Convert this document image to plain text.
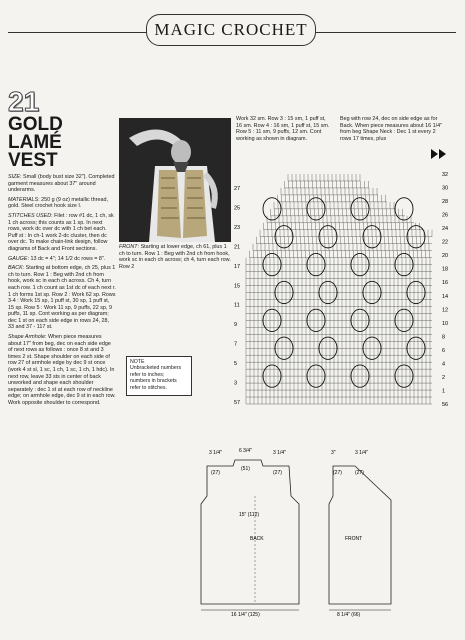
MAGIC CROCHET
21
GOLD
LAMÉ
VEST

SIZE: Small (body bust size 32"). Completed garment measures about 37" around underarms.

MATERIALS: 250 g (9 oz) metallic thread, gold. Steel crochet hook size I.

STITCHES USED: Filet : row #1 dc, 1 ch, sk 1 ch across; this counts as 1 sp. In next rows, work dc over dc with 1 ch bet each. Puff st : In ch-1 work 2-dc cluster, then dc over dc. To make chain-link design, follow diagrams of Back and Front sections.

GAUGE: 13 dc = 4"; 14 1/2 dc rows = 8".

BACK: Starting at bottom edge, ch 25, plus 1 ch to turn. Row 1 : Beg with 2nd ch from hook, work sc in each ch across. Ch 4, turn each row. 1 ch count as 1st dc of each next r. 1 ch forms 1st sp. Row 2 : Work 62 sp. Rows 3-4 : Work 15 sp, 1 puff st, 30 sp, 1 puff st, 15 sp. Row 5 : Work 11 sp, 9 puffs, 22 sp, 9 puffs, 11 sp. Cont working as per diagram; dec 1 st on each side edge in rows 24, 28, 33 and 37 - 117 st.

Shape Armhole: When piece measures about 17" from beg, dec on each side edge of next rows as follows : once 8 st and 3 times 2 st. Shape shoulder on each side of row 27 of armhole edge by dec 9 st once (work 4 st sl, 1 sc, 1 ch, 1 sc, 1 ch, 1 hdc). In next row, leave 33 sts in center of back unworked and shape each shoulder separately : dec 1 st at each row of neckline edge; on armhole edge, dec 9 st in each row. Work opposite shoulder to correspond.

FRONT: Starting at lower edge, ch 61, plus 1 ch to turn. Row 1 : Beg with 2nd ch from hook, work sc in each ch across; ch 4, turn each row. Row 2

Work 32 sm. Row 3 : 15 sm, 1 puff st, 16 sm. Row 4 : 16 sm, 1 puff st, 15 sm. Row 5 : 11 sm, 9 puffs, 12 sm. Cont working as shown in diagram.

Beg with row 24, dec on side edge as for Back. When piece measures about 16 1/4" from beg Shape Neck : Dec 1 st every 2 rows 17 times, plus

NOTE
Unbracketed numbers
refer to inches;
numbers in brackets
refer to stitches.
32
30
28
26
24
22
20
18
16
14
12
10
8
6
4
2
1
56
27
25
23
21
17
15
11
9
7
5
3
57
BACK
16 1/4" (125)
15" (112)
3 1/4"	6 3/4"	3 1/4"
(27)
(51)
(27)
FRONT
8 1/4" (66)
3"	3 1/4"
(27)	(27)
